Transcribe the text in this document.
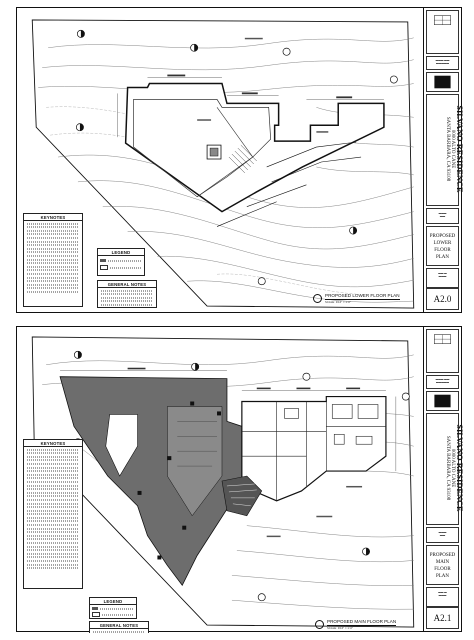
KEYNOTES
LEGEND
GENERAL NOTES
PROPOSED LOWER FLOOR PLAN
SCALE: 3/16" = 1'-0"
▬▬▬ ▬▬
▬▬▬▬▬
SILVANO RESIDENCE
0000 ALTO CANE
SANTA BARBARA, CA 93108
▬▬▬
▬▬
PROPOSED LOWER FLOOR PLAN
▬▬ ▬
▬▬▬
A2.0
KEYNOTES
LEGEND
GENERAL NOTES
PROPOSED MAIN FLOOR PLAN
SCALE: 3/16" = 1'-0"
▬▬▬ ▬▬
▬▬▬▬▬
SILVANO RESIDENCE
0000 ALTO CANE
SANTA BARBARA, CA 93108
▬▬▬
▬▬
PROPOSED MAIN FLOOR PLAN
▬▬ ▬
▬▬▬
A2.1
